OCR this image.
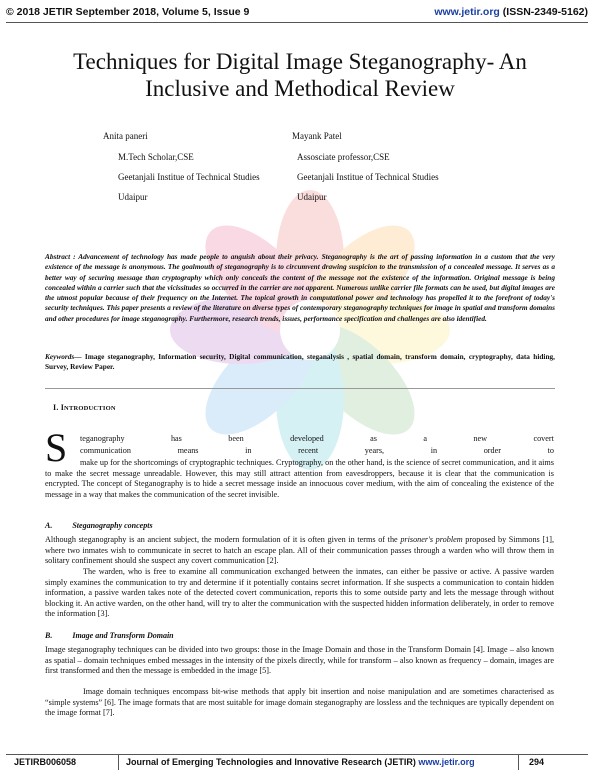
© 2018 JETIR September 2018, Volume 5, Issue 9	www.jetir.org (ISSN-2349-5162)
Techniques for Digital Image Steganography- An
Inclusive and Methodical Review
Anita paneri
M.Tech Scholar,CSE
Geetanjali Institue of Technical Studies
Udaipur
Mayank Patel
Assosciate professor,CSE
Geetanjali Institue of Technical Studies
Udaipur
Abstract : Advancement of technology has made people to anguish about their privacy. Steganography is the art of passing information in a custom that the very existence of the message is anonymous. The goalmouth of steganography is to circumvent drawing suspicion to the transmission of a concealed message. It serves as a better way of securing message than cryptography which only conceals the content of the message not the existence of the information. Original message is being concealed within a carrier such that the vicissitudes so occurred in the carrier are not apparent. Numerous unlike carrier file formats can be used, but digital images are the utmost popular because of their frequency on the Internet. The topical growth in computational power and technology has propelled it to the forefront of today's security techniques. This paper presents a review of the literature on diverse types of contemporary steganography techniques for image in spatial and transform domains and other procedures for image steganography. Furthermore, research trends, issues, performance specification and challenges are also identified.
Keywords— Image steganography, Information security, Digital communication, steganalysis , spatial domain, transform domain, cryptography, data hiding, Survey, Review Paper.
I. INTRODUCTION
S teganography	has	been	developed	as	a	new	covert
communication	means	in	recent	years,	in	order	to
make up for the shortcomings of cryptographic techniques. Cryptography, on the other hand, is the science of secret communication, and it aims to make the secret message unreadable. However, this may still attract attention from eavesdroppers, because it is clear that the communication is encrypted. The concept of Steganography is to hide a secret message inside an innocuous cover medium, with the aim of concealing the existence of the message in a way that makes the communication of the secret invisible.
A.	Steganography concepts
Although steganography is an ancient subject, the modern formulation of it is often given in terms of the prisoner's problem proposed by Simmons [1], where two inmates wish to communicate in secret to hatch an escape plan. All of their communication passes through a warden who will throw them in solitary confinement should she suspect any covert communication [2].
The warden, who is free to examine all communication exchanged between the inmates, can either be passive or active. A passive warden simply examines the communication to try and determine if it potentially contains secret information. If she suspects a communication to contain hidden information, a passive warden takes note of the detected covert communication, reports this to some outside party and lets the message through without blocking it. An active warden, on the other hand, will try to alter the communication with the suspected hidden information deliberately, in order to remove the information [3].
B.	Image and Transform Domain
Image steganography techniques can be divided into two groups: those in the Image Domain and those in the Transform Domain [4]. Image – also known as spatial – domain techniques embed messages in the intensity of the pixels directly, while for transform – also known as frequency – domain, images are first transformed and then the message is embedded in the image [5].
Image domain techniques encompass bit-wise methods that apply bit insertion and noise manipulation and are sometimes characterised as “simple systems” [6]. The image formats that are most suitable for image domain steganography are lossless and the techniques are typically dependent on the image format [7].
JETIRB006058	Journal of Emerging Technologies and Innovative Research (JETIR) www.jetir.org	294
